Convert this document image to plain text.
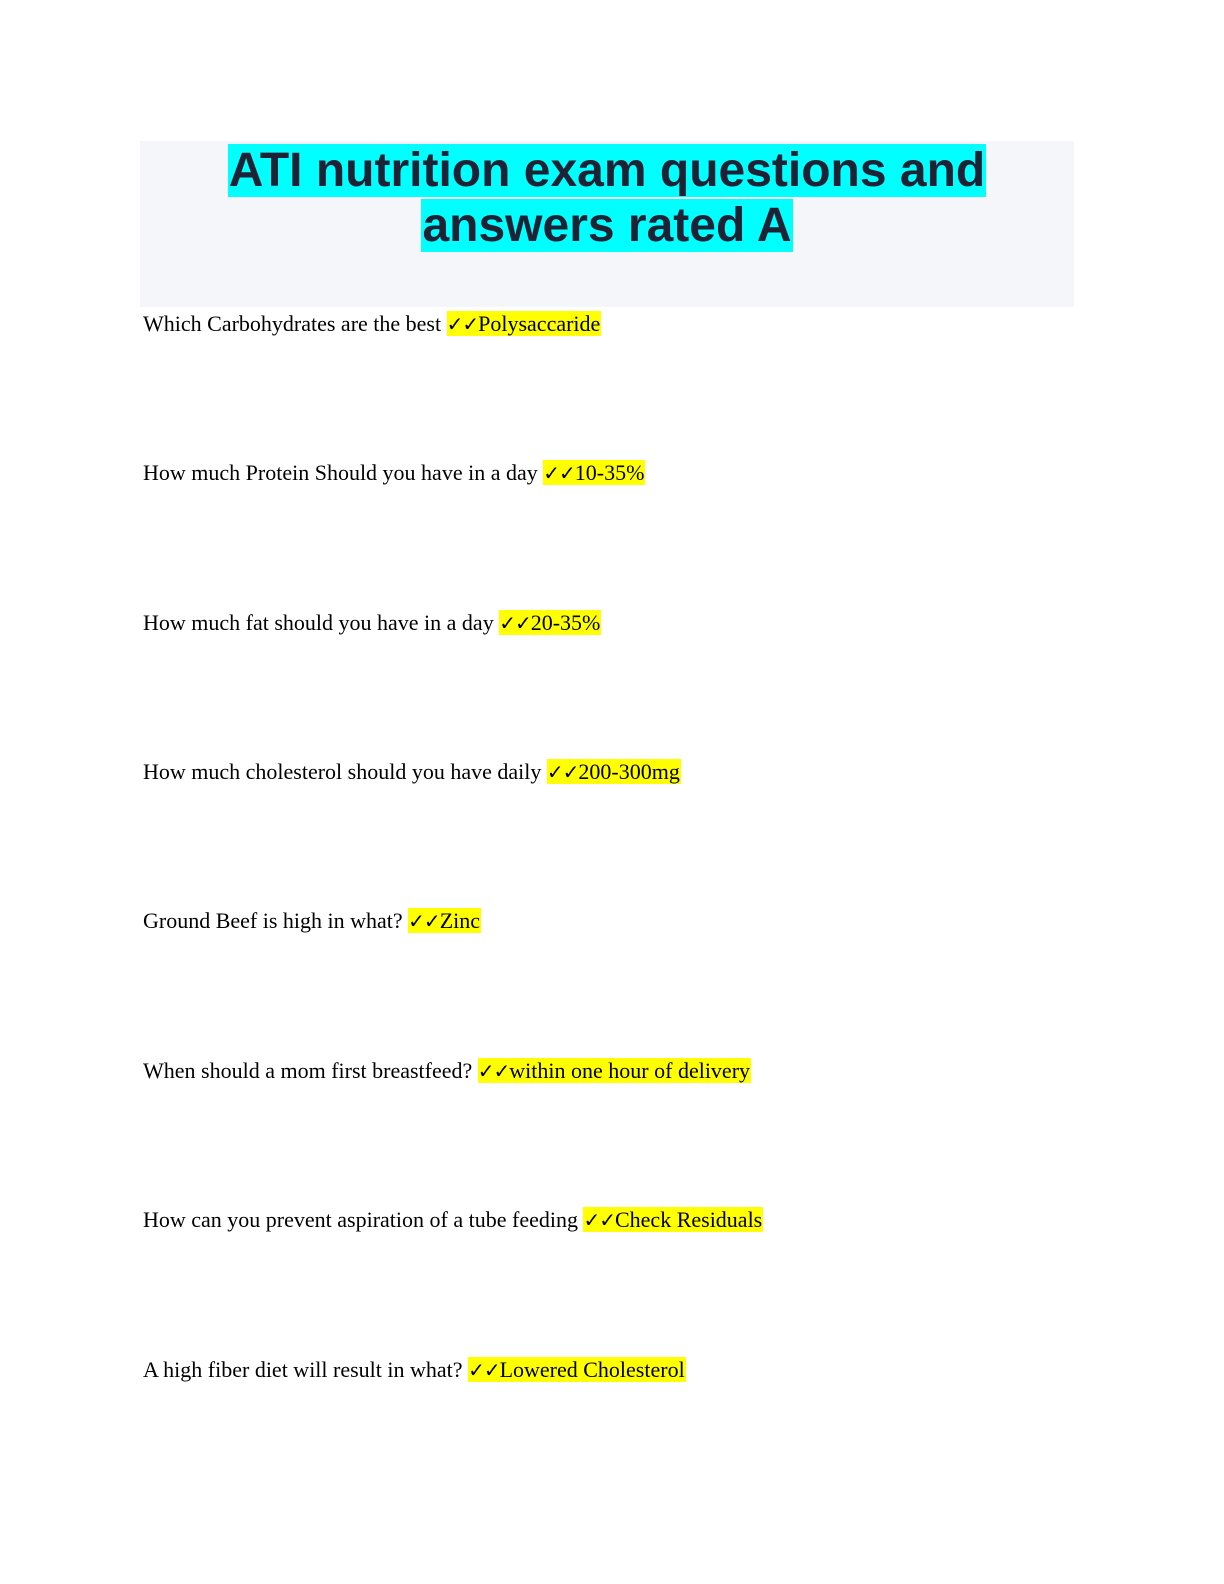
ATI nutrition exam questions and
answers rated A
Which Carbohydrates are the best ✓✓Polysaccaride
How much Protein Should you have in a day ✓✓10-35%
How much fat should you have in a day ✓✓20-35%
How much cholesterol should you have daily ✓✓200-300mg
Ground Beef is high in what? ✓✓Zinc
When should a mom first breastfeed? ✓✓within one hour of delivery
How can you prevent aspiration of a tube feeding ✓✓Check Residuals
A high fiber diet will result in what? ✓✓Lowered Cholesterol
